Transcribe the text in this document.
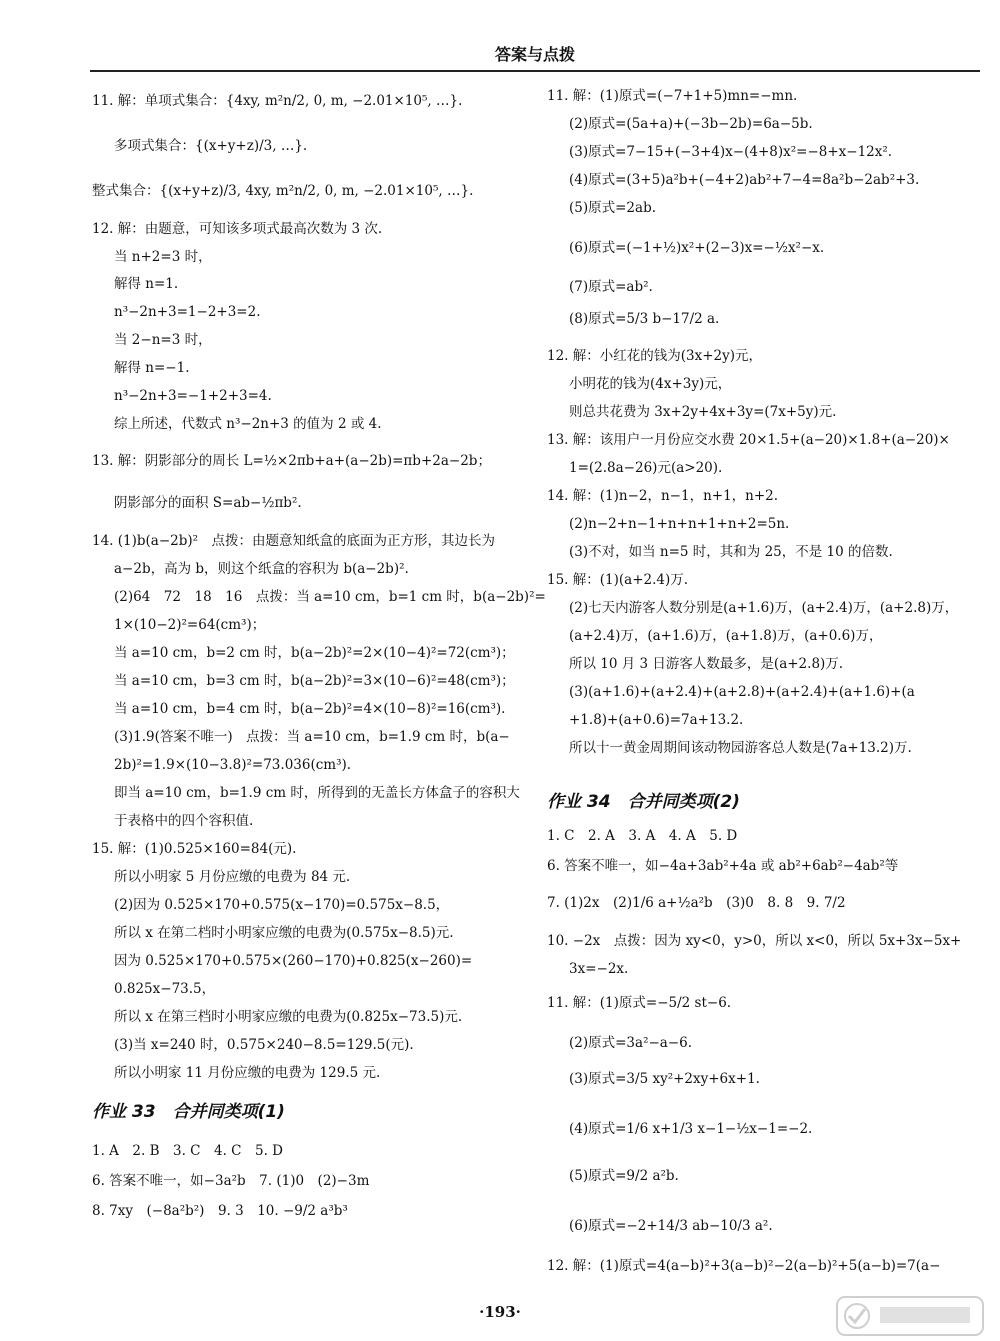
答案与点拨
11. 解：单项式集合：{4xy, m²n/2, 0, m, −2.01×10⁵, …}.
多项式集合：{(x+y+z)/3, …}.
整式集合：{(x+y+z)/3, 4xy, m²n/2, 0, m, −2.01×10⁵, …}.
12. 解：由题意，可知该多项式最高次数为 3 次.
当 n+2=3 时，
解得 n=1.
n³−2n+3=1−2+3=2.
当 2−n=3 时，
解得 n=−1.
n³−2n+3=−1+2+3=4.
综上所述，代数式 n³−2n+3 的值为 2 或 4.
13. 解：阴影部分的周长 L=½×2πb+a+(a−2b)=πb+2a−2b；
阴影部分的面积 S=ab−½πb².
14. (1)b(a−2b)²　点拨：由题意知纸盒的底面为正方形，其边长为
a−2b，高为 b，则这个纸盒的容积为 b(a−2b)².
(2)64　72　18　16　点拨：当 a=10 cm，b=1 cm 时，b(a−2b)²=
1×(10−2)²=64(cm³)；
当 a=10 cm，b=2 cm 时，b(a−2b)²=2×(10−4)²=72(cm³)；
当 a=10 cm，b=3 cm 时，b(a−2b)²=3×(10−6)²=48(cm³)；
当 a=10 cm，b=4 cm 时，b(a−2b)²=4×(10−8)²=16(cm³).
(3)1.9(答案不唯一)　点拨：当 a=10 cm，b=1.9 cm 时，b(a−
2b)²=1.9×(10−3.8)²=73.036(cm³).
即当 a=10 cm，b=1.9 cm 时，所得到的无盖长方体盒子的容积大
于表格中的四个容积值.
15. 解：(1)0.525×160=84(元).
所以小明家 5 月份应缴的电费为 84 元.
(2)因为 0.525×170+0.575(x−170)=0.575x−8.5，
所以 x 在第二档时小明家应缴的电费为(0.575x−8.5)元.
因为 0.525×170+0.575×(260−170)+0.825(x−260)=
0.825x−73.5，
所以 x 在第三档时小明家应缴的电费为(0.825x−73.5)元.
(3)当 x=240 时，0.575×240−8.5=129.5(元).
所以小明家 11 月份应缴的电费为 129.5 元.
1. A　2. B　3. C　4. C　5. D
6. 答案不唯一，如−3a²b　7. (1)0　(2)−3m
8. 7xy　(−8a²b²)　9. 3　10. −9/2 a³b³
作业 33　合并同类项(1)
11. 解：(1)原式=(−7+1+5)mn=−mn.
(2)原式=(5a+a)+(−3b−2b)=6a−5b.
(3)原式=7−15+(−3+4)x−(4+8)x²=−8+x−12x².
(4)原式=(3+5)a²b+(−4+2)ab²+7−4=8a²b−2ab²+3.
(5)原式=2ab.
(6)原式=(−1+½)x²+(2−3)x=−½x²−x.
(7)原式=ab².
(8)原式=5/3 b−17/2 a.
12. 解：小红花的钱为(3x+2y)元，
小明花的钱为(4x+3y)元，
则总共花费为 3x+2y+4x+3y=(7x+5y)元.
13. 解：该用户一月份应交水费 20×1.5+(a−20)×1.8+(a−20)×
1=(2.8a−26)元(a>20).
14. 解：(1)n−2，n−1，n+1，n+2.
(2)n−2+n−1+n+n+1+n+2=5n.
(3)不对，如当 n=5 时，其和为 25，不是 10 的倍数.
15. 解：(1)(a+2.4)万.
(2)七天内游客人数分别是(a+1.6)万，(a+2.4)万，(a+2.8)万，
(a+2.4)万，(a+1.6)万，(a+1.8)万，(a+0.6)万，
所以 10 月 3 日游客人数最多，是(a+2.8)万.
(3)(a+1.6)+(a+2.4)+(a+2.8)+(a+2.4)+(a+1.6)+(a
+1.8)+(a+0.6)=7a+13.2.
所以十一黄金周期间该动物园游客总人数是(7a+13.2)万.
1. C　2. A　3. A　4. A　5. D
6. 答案不唯一，如−4a+3ab²+4a 或 ab²+6ab²−4ab²等
7. (1)2x　(2)1/6 a+½a²b　(3)0　8. 8　9. 7/2
10. −2x　点拨：因为 xy<0，y>0，所以 x<0，所以 5x+3x−5x+
3x=−2x.
11. 解：(1)原式=−5/2 st−6.
(2)原式=3a²−a−6.
(3)原式=3/5 xy²+2xy+6x+1.
(4)原式=1/6 x+1/3 x−1−½x−1=−2.
(5)原式=9/2 a²b.
(6)原式=−2+14/3 ab−10/3 a².
12. 解：(1)原式=4(a−b)²+3(a−b)²−2(a−b)²+5(a−b)=7(a−
作业 34　合并同类项(2)
·193·
